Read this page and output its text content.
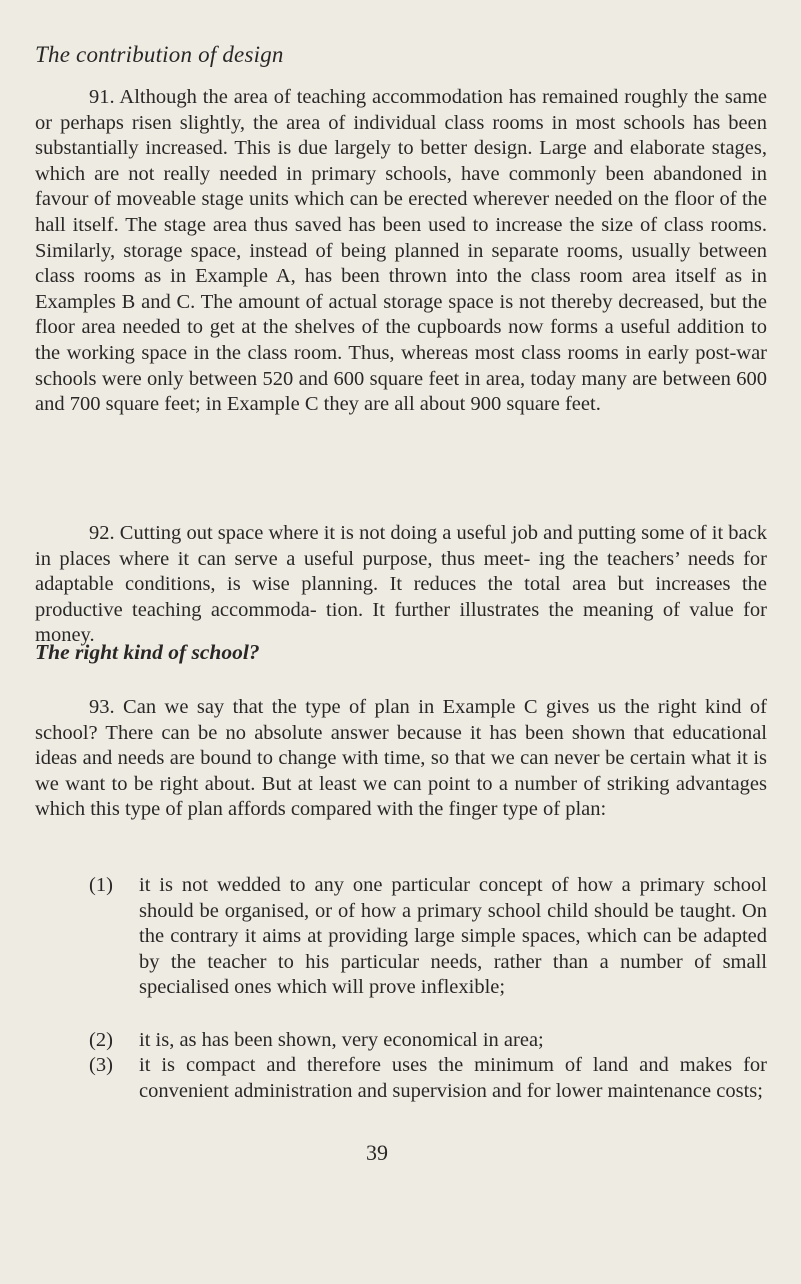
The contribution of design

91. Although the area of teaching accommodation has remained roughly the same or perhaps risen slightly, the area of individual class rooms in most schools has been substantially increased. This is due largely to better design. Large and elaborate stages, which are not really needed in primary schools, have commonly been abandoned in favour of moveable stage units which can be erected wherever needed on the floor of the hall itself. The stage area thus saved has been used to increase the size of class rooms. Similarly, storage space, instead of being planned in separate rooms, usually between class rooms as in Example A, has been thrown into the class room area itself as in Examples B and C. The amount of actual storage space is not thereby decreased, but the floor area needed to get at the shelves of the cupboards now forms a useful addition to the working space in the class room. Thus, whereas most class rooms in early post-war schools were only between 520 and 600 square feet in area, today many are between 600 and 700 square feet; in Example C they are all about 900 square feet.

92. Cutting out space where it is not doing a useful job and putting some of it back in places where it can serve a useful purpose, thus meet- ing the teachers’ needs for adaptable conditions, is wise planning. It reduces the total area but increases the productive teaching accommoda- tion. It further illustrates the meaning of value for money.

The right kind of school?

93. Can we say that the type of plan in Example C gives us the right kind of school? There can be no absolute answer because it has been shown that educational ideas and needs are bound to change with time, so that we can never be certain what it is we want to be right about. But at least we can point to a number of striking advantages which this type of plan affords compared with the finger type of plan:

(1)	it is not wedded to any one particular concept of how a primary school should be organised, or of how a primary school child should be taught. On the contrary it aims at providing large simple spaces, which can be adapted by the teacher to his particular needs, rather than a number of small specialised ones which will prove inflexible;
(2)	it is, as has been shown, very economical in area;
(3)	it is compact and therefore uses the minimum of land and makes for convenient administration and supervision and for lower maintenance costs;
39
